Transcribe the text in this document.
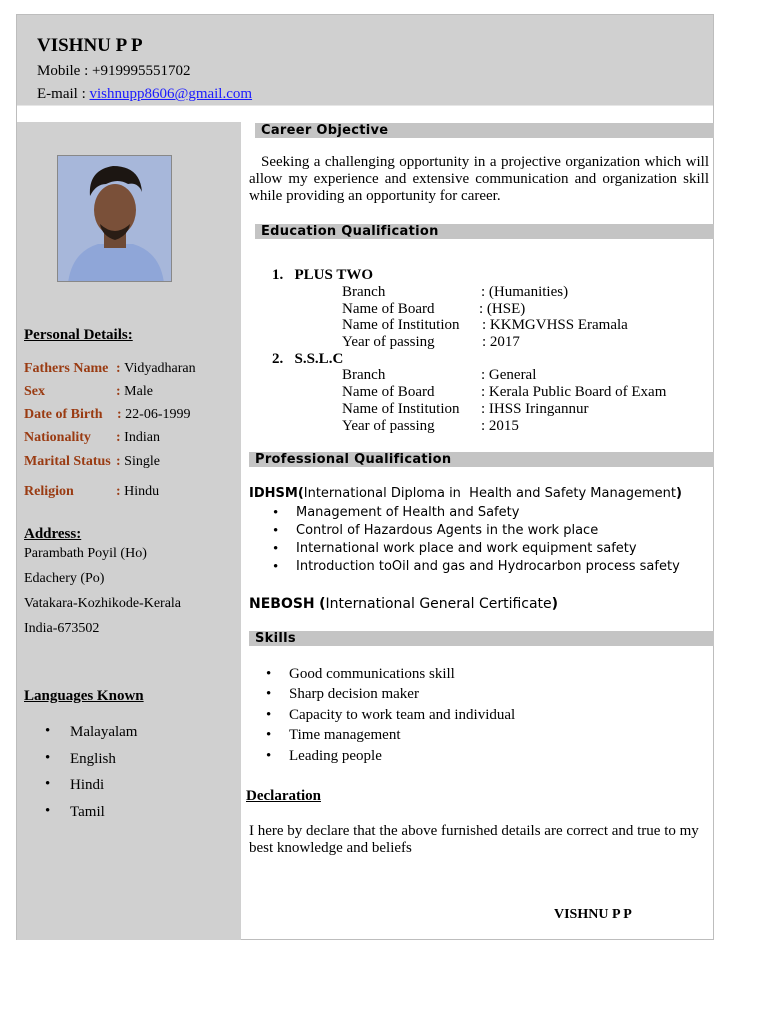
VISHNU P P
Mobile : +919995551702
E-mail : vishnupp8606@gmail.com
Personal Details:
Fathers Name : Vidyadharan
Sex	: Male
Date of Birth : 22-06-1999
Nationality : Indian
Marital Status : Single
Religion	: Hindu
Address:
Parambath Poyil (Ho)
Edachery (Po)
Vatakara-Kozhikode-Kerala
India-673502
Languages Known
• Malayalam
• English
• Hindi
• Tamil
Career Objective
Seeking a challenging opportunity in a projective organization which will allow my experience and extensive communication and organization skill while providing an opportunity for career.
Education Qualification
1. PLUS TWO
Branch	: (Humanities)
Name of Board	: (HSE)
Name of Institution : KKMGVHSS Eramala
Year of passing	: 2017
2. S.S.L.C
Branch	: General
Name of Board	: Kerala Public Board of Exam
Name of Institution : IHSS Iringannur
Year of passing	: 2015
Professional Qualification
IDHSM(International Diploma in  Health and Safety Management)
• Management of Health and Safety
• Control of Hazardous Agents in the work place
• International work place and work equipment safety
• Introduction toOil and gas and Hydrocarbon process safety
NEBOSH (International General Certificate)
Skills
• Good communications skill
• Sharp decision maker
• Capacity to work team and individual
• Time management
• Leading people
Declaration
I here by declare that the above furnished details are correct and true to my best knowledge and beliefs
VISHNU P P
